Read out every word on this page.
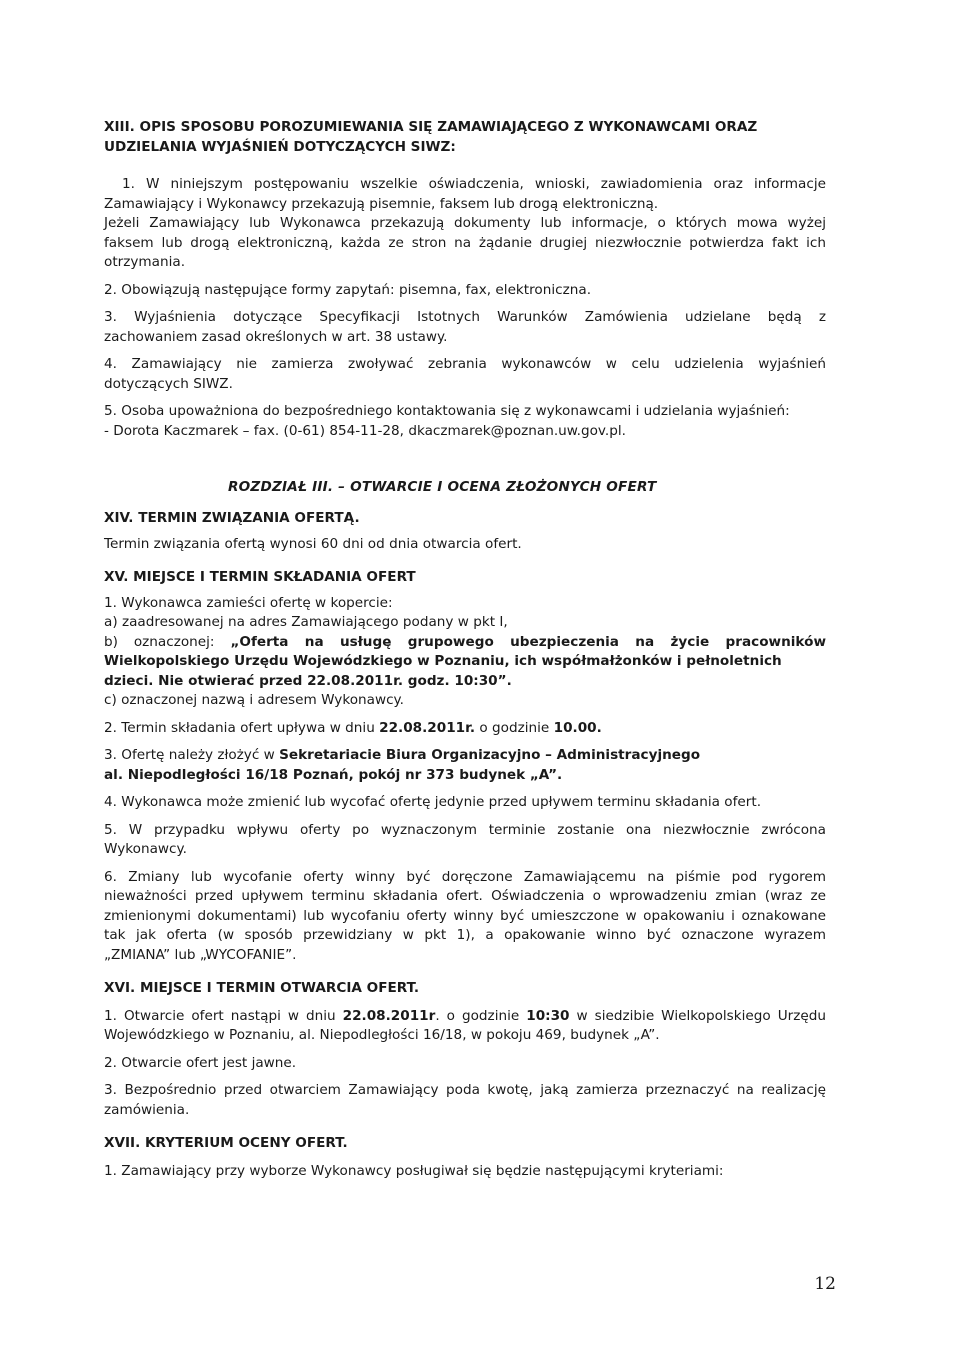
XIII. OPIS SPOSOBU POROZUMIEWANIA SIĘ ZAMAWIAJĄCEGO Z WYKONAWCAMI ORAZ
UDZIELANIA WYJAŚNIEŃ DOTYCZĄCYCH SIWZ:
1. W niniejszym postępowaniu wszelkie oświadczenia, wnioski, zawiadomienia oraz informacje
Zamawiający i Wykonawcy przekazują pisemnie, faksem lub drogą elektroniczną.
Jeżeli Zamawiający lub Wykonawca przekazują dokumenty lub informacje, o których mowa wyżej
faksem lub drogą elektroniczną, każda ze stron na żądanie drugiej niezwłocznie potwierdza fakt ich
otrzymania.
2. Obowiązują następujące formy zapytań: pisemna, fax, elektroniczna.
3. Wyjaśnienia dotyczące Specyfikacji Istotnych Warunków Zamówienia udzielane będą z
zachowaniem zasad określonych w art. 38 ustawy.
4. Zamawiający nie zamierza zwoływać zebrania wykonawców w celu udzielenia wyjaśnień
dotyczących SIWZ.
5. Osoba upoważniona do bezpośredniego kontaktowania się z wykonawcami i udzielania wyjaśnień:
- Dorota Kaczmarek – fax. (0-61) 854-11-28, dkaczmarek@poznan.uw.gov.pl.
ROZDZIAŁ III. – OTWARCIE I OCENA ZŁOŻONYCH OFERT
XIV. TERMIN ZWIĄZANIA OFERTĄ.
Termin związania ofertą wynosi 60 dni od dnia otwarcia ofert.
XV. MIEJSCE I TERMIN SKŁADANIA OFERT
1. Wykonawca zamieści ofertę w kopercie:
a) zaadresowanej na adres Zamawiającego podany w pkt I,
b) oznaczonej: „Oferta na usługę grupowego ubezpieczenia na życie pracowników
Wielkopolskiego Urzędu Wojewódzkiego w Poznaniu, ich współmałżonków i pełnoletnich
dzieci. Nie otwierać przed 22.08.2011r. godz. 10:30”.
c) oznaczonej nazwą i adresem Wykonawcy.
2. Termin składania ofert upływa w dniu 22.08.2011r. o godzinie 10.00.
3. Ofertę należy złożyć w Sekretariacie Biura Organizacyjno – Administracyjnego
al. Niepodległości 16/18 Poznań, pokój nr 373 budynek „A”.
4. Wykonawca może zmienić lub wycofać ofertę jedynie przed upływem terminu składania ofert.
5. W przypadku wpływu oferty po wyznaczonym terminie zostanie ona niezwłocznie zwrócona
Wykonawcy.
6. Zmiany lub wycofanie oferty winny być doręczone Zamawiającemu na piśmie pod rygorem
nieważności przed upływem terminu składania ofert. Oświadczenia o wprowadzeniu zmian (wraz ze
zmienionymi dokumentami) lub wycofaniu oferty winny być umieszczone w opakowaniu i oznakowane
tak jak oferta (w sposób przewidziany w pkt 1), a opakowanie winno być oznaczone wyrazem
„ZMIANA” lub „WYCOFANIE”.
XVI. MIEJSCE I TERMIN OTWARCIA OFERT.
1. Otwarcie ofert nastąpi w dniu 22.08.2011r. o godzinie 10:30 w siedzibie Wielkopolskiego Urzędu
Wojewódzkiego w Poznaniu, al. Niepodległości 16/18, w pokoju 469, budynek „A”.
2. Otwarcie ofert jest jawne.
3. Bezpośrednio przed otwarciem Zamawiający poda kwotę, jaką zamierza przeznaczyć na realizację
zamówienia.
XVII. KRYTERIUM OCENY OFERT.
1. Zamawiający przy wyborze Wykonawcy posługiwał się będzie następującymi kryteriami:
12
